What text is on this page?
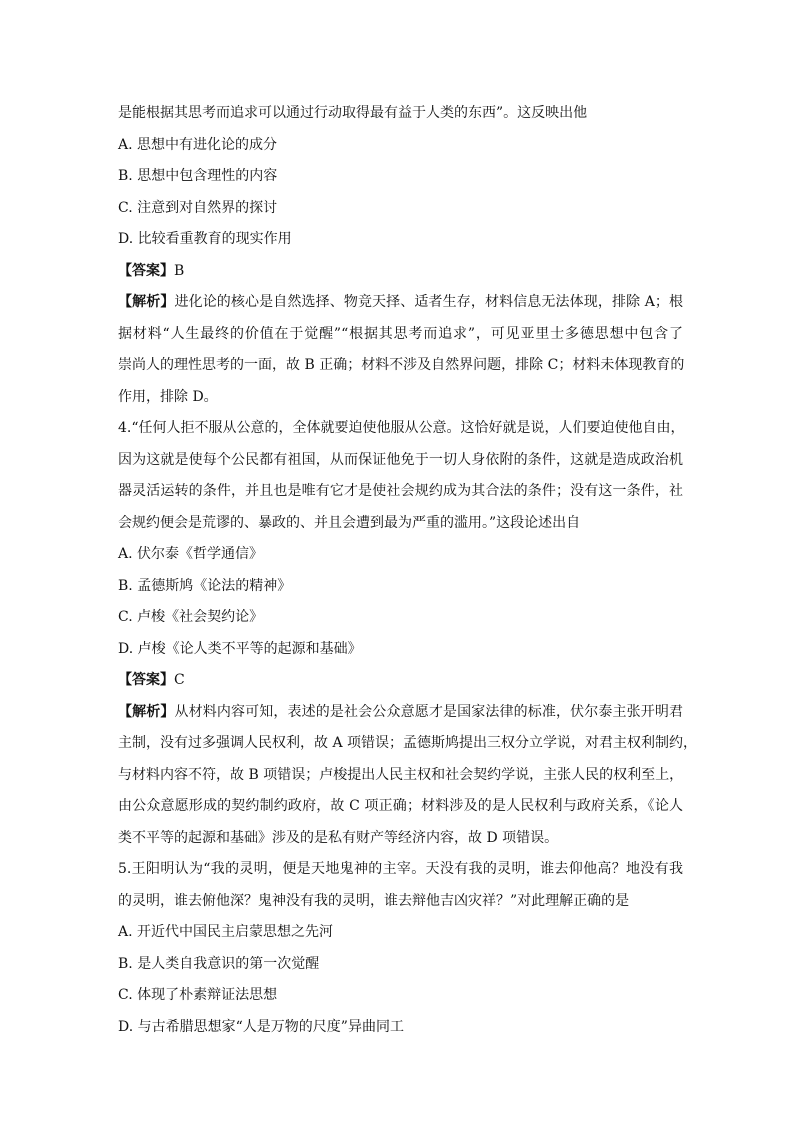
是能根据其思考而追求可以通过行动取得最有益于人类的东西”。这反映出他
A. 思想中有进化论的成分
B. 思想中包含理性的内容
C. 注意到对自然界的探讨
D. 比较看重教育的现实作用
【答案】B
【解析】进化论的核心是自然选择、物竞天择、适者生存，材料信息无法体现，排除 A；根
据材料“人生最终的价值在于觉醒”“根据其思考而追求”，可见亚里士多德思想中包含了
崇尚人的理性思考的一面，故 B 正确；材料不涉及自然界问题，排除 C；材料未体现教育的
作用，排除 D。
4.“任何人拒不服从公意的，全体就要迫使他服从公意。这恰好就是说，人们要迫使他自由，
因为这就是使每个公民都有祖国，从而保证他免于一切人身依附的条件，这就是造成政治机
器灵活运转的条件，并且也是唯有它才是使社会规约成为其合法的条件；没有这一条件，社
会规约便会是荒谬的、暴政的、并且会遭到最为严重的滥用。”这段论述出自
A. 伏尔泰《哲学通信》
B. 孟德斯鸠《论法的精神》
C. 卢梭《社会契约论》
D. 卢梭《论人类不平等的起源和基础》
【答案】C
【解析】从材料内容可知，表述的是社会公众意愿才是国家法律的标准，伏尔泰主张开明君
主制，没有过多强调人民权利，故 A 项错误；孟德斯鸠提出三权分立学说，对君主权利制约，
与材料内容不符，故 B 项错误；卢梭提出人民主权和社会契约学说，主张人民的权利至上，
由公众意愿形成的契约制约政府，故 C 项正确；材料涉及的是人民权利与政府关系，《论人
类不平等的起源和基础》涉及的是私有财产等经济内容，故 D 项错误。
5.王阳明认为“我的灵明，便是天地鬼神的主宰。天没有我的灵明，谁去仰他高？地没有我
的灵明，谁去俯他深？鬼神没有我的灵明，谁去辩他吉凶灾祥？”对此理解正确的是
A. 开近代中国民主启蒙思想之先河
B. 是人类自我意识的第一次觉醒
C. 体现了朴素辩证法思想
D. 与古希腊思想家“人是万物的尺度”异曲同工
